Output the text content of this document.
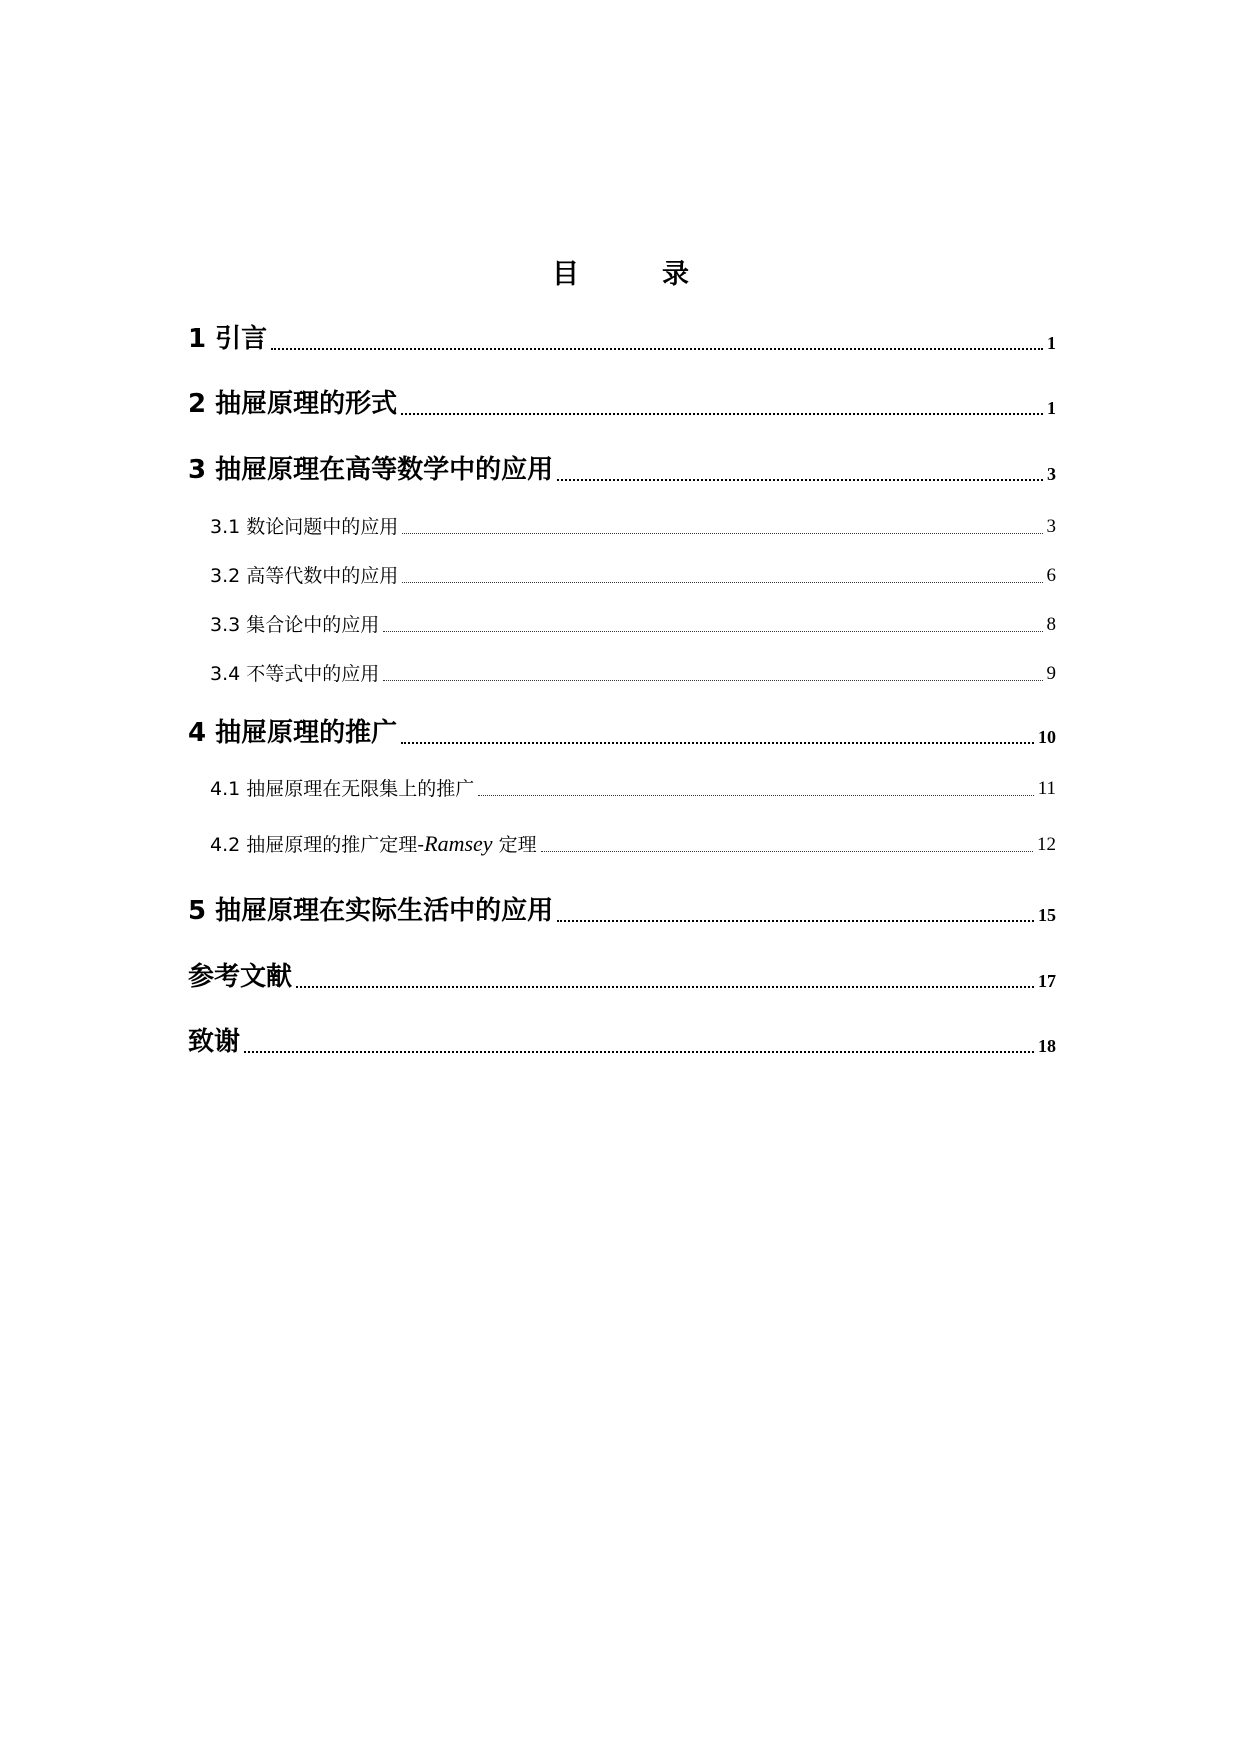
目　录
1 引言	1
2 抽屉原理的形式	1
3 抽屉原理在高等数学中的应用	3
3.1 数论问题中的应用	3
3.2 高等代数中的应用	6
3.3 集合论中的应用	8
3.4 不等式中的应用	9
4 抽屉原理的推广	10
4.1 抽屉原理在无限集上的推广	11
4.2 抽屉原理的推广定理-Ramsey 定理	12
5 抽屉原理在实际生活中的应用	15
参考文献	17
致谢	18
